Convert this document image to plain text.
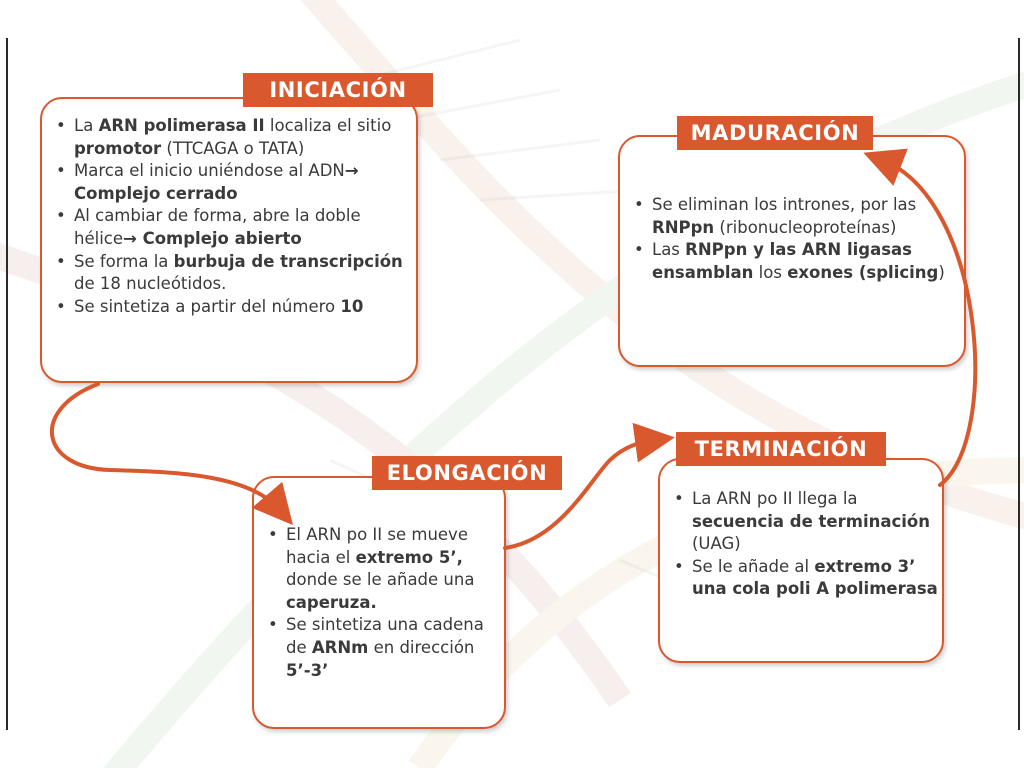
• La ARN polimerasa II localiza el sitio promotor (TTCAGA o TATA)
• Marca el inicio uniéndose al ADN→ Complejo cerrado
• Al cambiar de forma, abre la doble hélice→ Complejo abierto
• Se forma la burbuja de transcripción de 18 nucleótidos.
• Se sintetiza a partir del número 10
INICIACIÓN
• Se eliminan los intrones, por las RNPpn (ribonucleoproteínas)
• Las RNPpn y las ARN ligasas ensamblan los exones (splicing)
MADURACIÓN
• El ARN po II se mueve hacia el extremo 5’, donde se le añade una caperuza.
• Se sintetiza una cadena de ARNm en dirección 5’-3’
ELONGACIÓN
• La ARN po II llega la secuencia de terminación (UAG)
• Se le añade al extremo 3’ una cola poli A polimerasa
TERMINACIÓN
